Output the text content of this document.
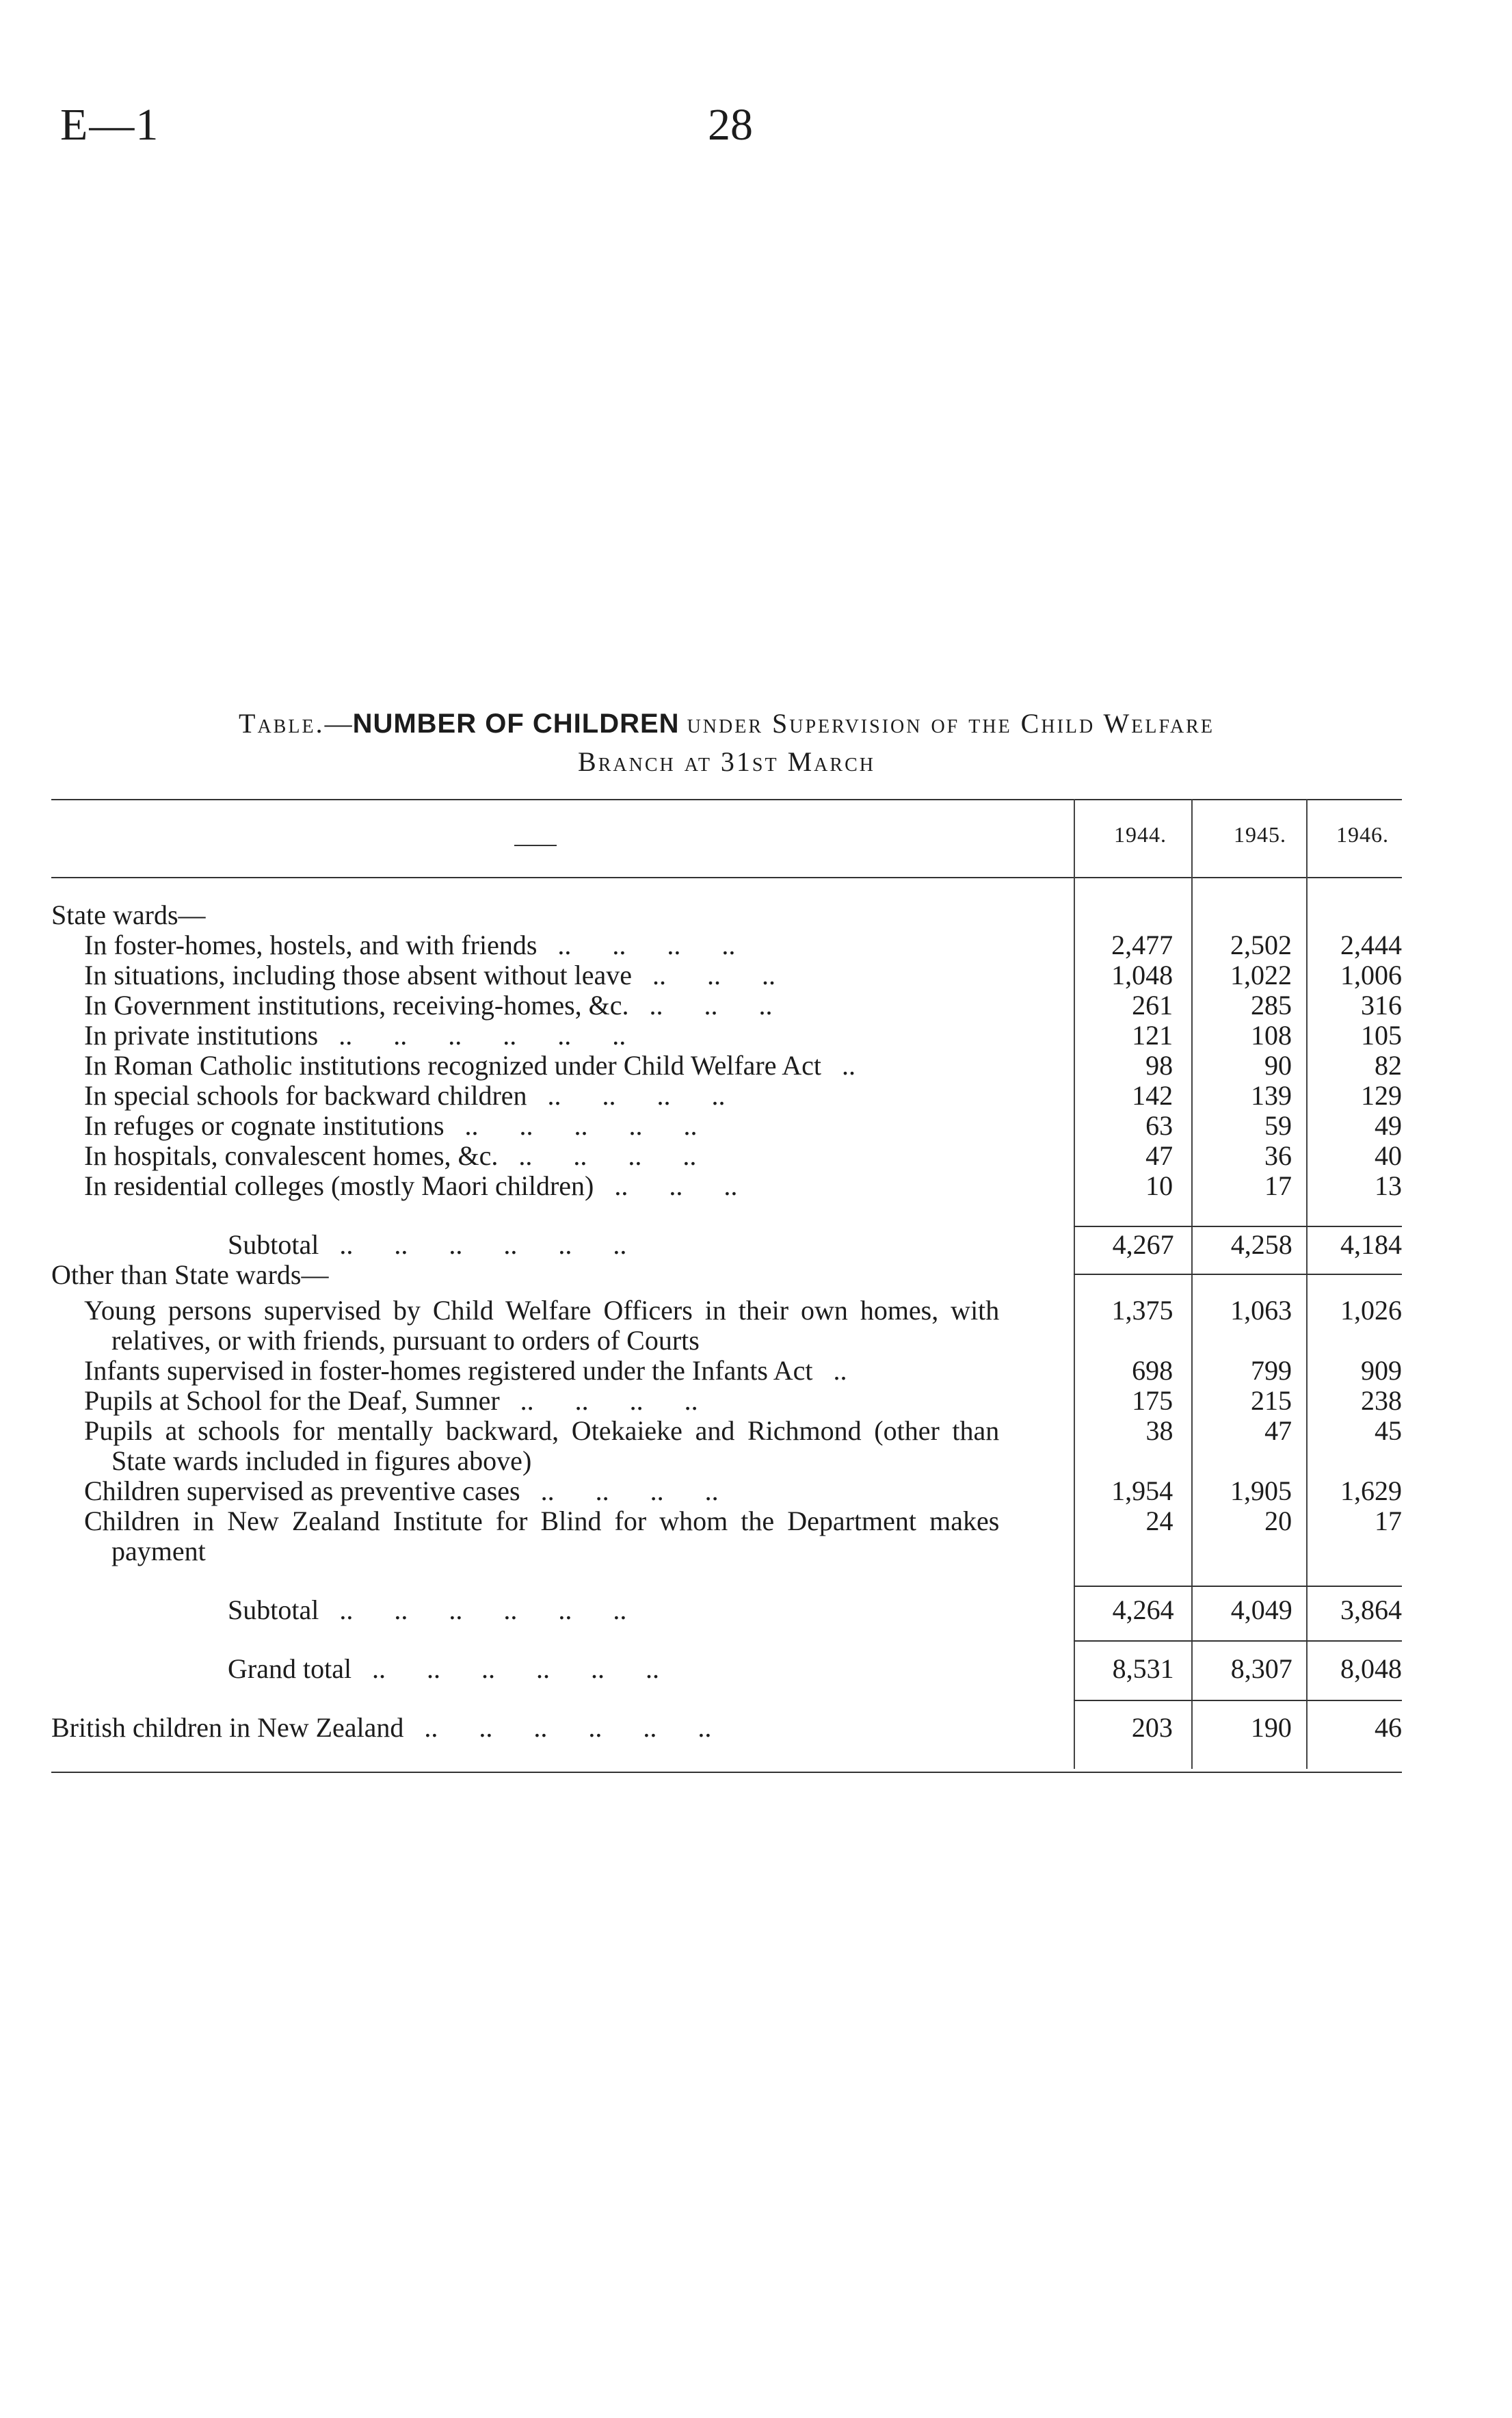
E—1	28
Table.—NUMBER OF CHILDREN under Supervision of the Child Welfare
Branch at 31st March
1944.	1945.	1946.
State wards—
In foster-homes, hostels, and with friends   ..      ..      ..      ..	2,477	2,502	2,444
In situations, including those absent without leave   ..      ..      ..	1,048	1,022	1,006
In Government institutions, receiving-homes, &c.   ..      ..      ..	261	285	316
In private institutions   ..      ..      ..      ..      ..      ..	121	108	105
In Roman Catholic institutions recognized under Child Welfare Act   ..	98	90	82
In special schools for backward children   ..      ..      ..      ..	142	139	129
In refuges or cognate institutions   ..      ..      ..      ..      ..	63	59	49
In hospitals, convalescent homes, &c.   ..      ..      ..      ..	47	36	40
In residential colleges (mostly Maori children)   ..      ..      ..	10	17	13
Subtotal   ..      ..      ..      ..      ..      ..	4,267	4,258	4,184
Other than State wards—
Young persons supervised by Child Welfare Officers in their own homes, with relatives, or with friends, pursuant to orders of Courts
1,375	1,063	1,026
Infants supervised in foster-homes registered under the Infants Act   ..	698	799	909
Pupils at School for the Deaf, Sumner   ..      ..      ..      ..	175	215	238
Pupils at schools for mentally backward, Otekaieke and Richmond (other than State wards included in figures above)
38	47	45
Children supervised as preventive cases   ..      ..      ..      ..	1,954	1,905	1,629
Children in New Zealand Institute for Blind for whom the Department makes payment
24	20	17
Subtotal   ..      ..      ..      ..      ..      ..	4,264	4,049	3,864
Grand total   ..      ..      ..      ..      ..      ..	8,531	8,307	8,048
British children in New Zealand   ..      ..      ..      ..      ..      ..	203	190	46
